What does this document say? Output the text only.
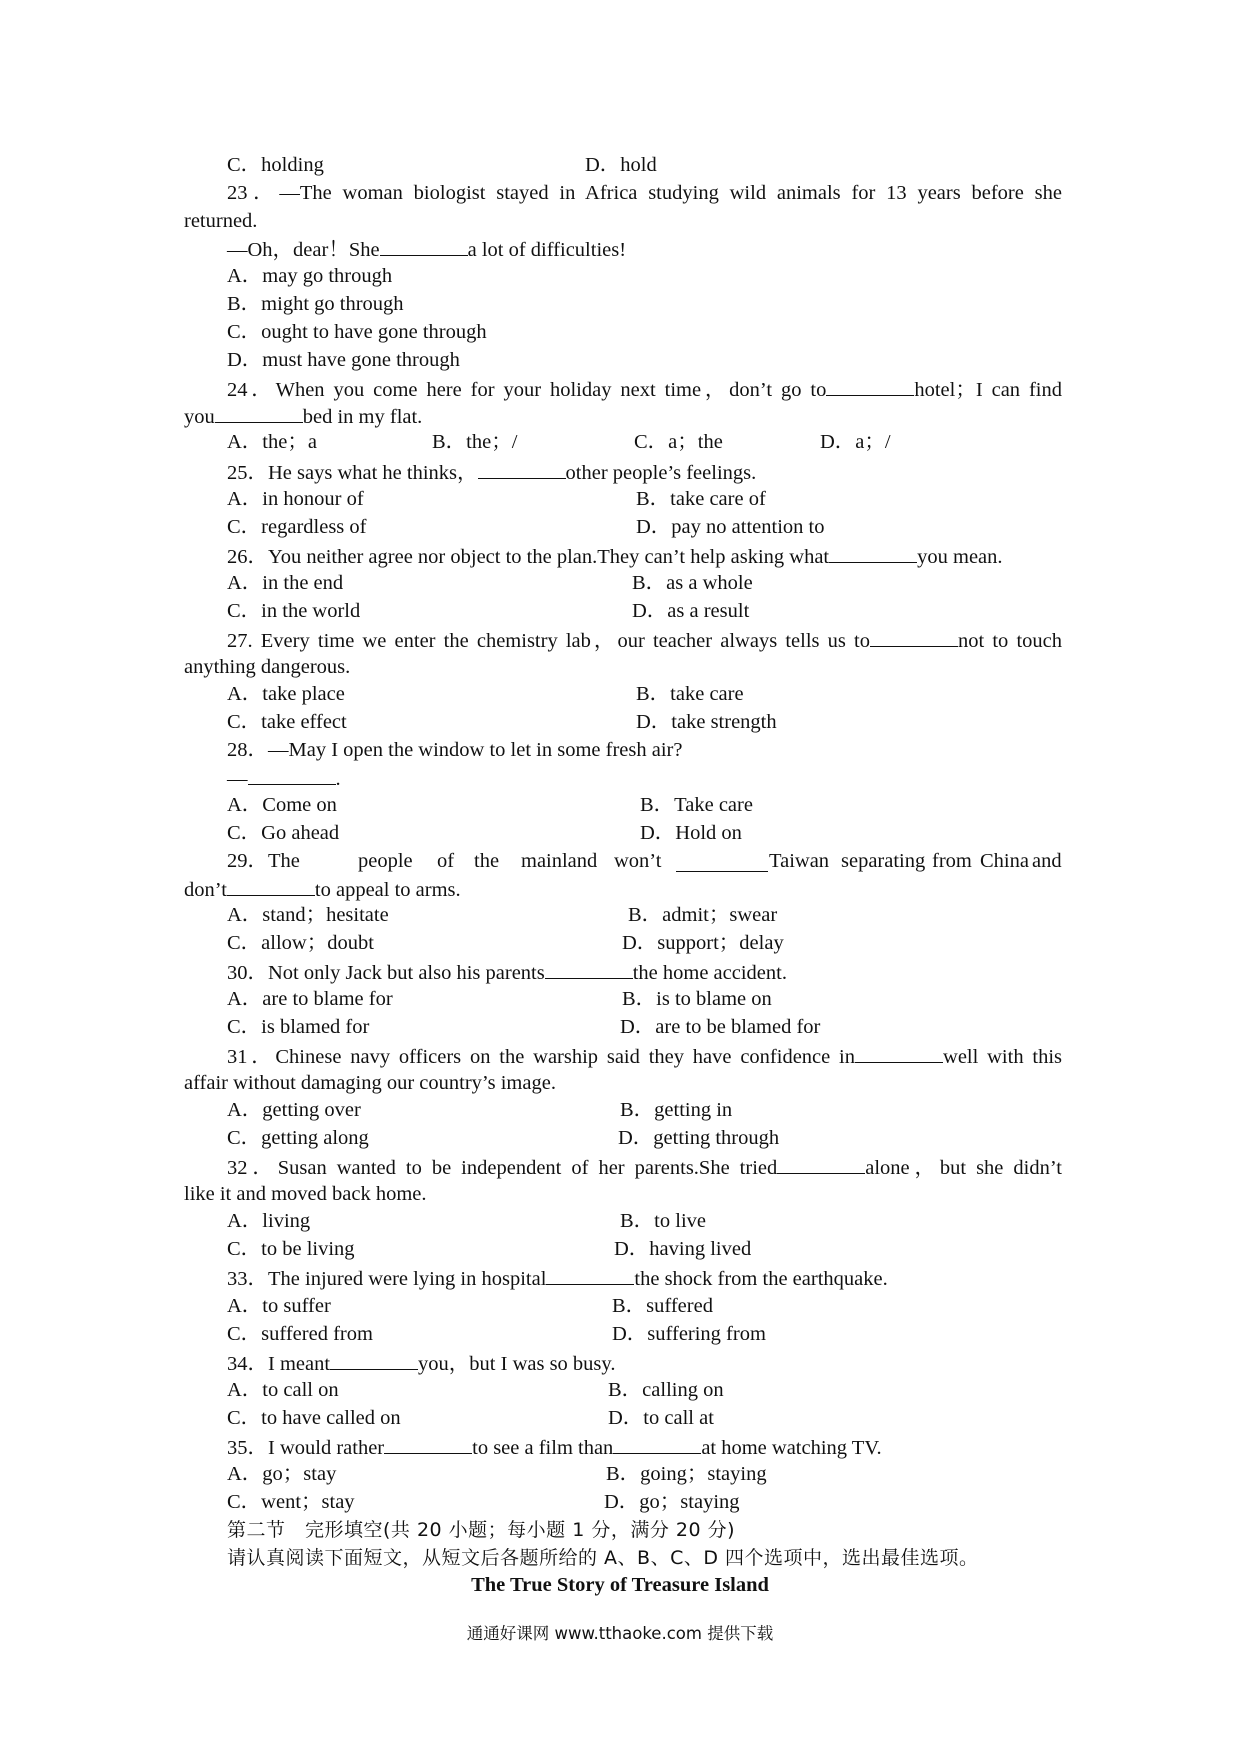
C．holding	D．hold
23．—The woman biologist stayed in Africa studying wild animals for 13 years before she
returned.
—Oh，dear！She	a lot of difficulties!
A．may go through
B．might go through
C．ought to have gone through
D．must have gone through
24．When you come here for your holiday next time，don’t go to	hotel；I can find
you	bed in my flat.
A．the；a	B．the；/	C．a；the	D．a；/
25．He says what he thinks，	other people’s feelings.
A．in honour of	B．take care of
C．regardless of	D．pay no attention to
26．You neither agree nor object to the plan.They can’t help asking what	you mean.
A．in the end	B．as a whole
C．in the world	D．as a result
27. Every time we enter the chemistry lab，our teacher always tells us to	not to touch
anything dangerous.
A．take place	B．take care
C．take effect	D．take strength
28．—May I open the window to let in some fresh air?
—	.
A．Come on	B．Take care
C．Go ahead	D．Hold on
29．The	people of the mainland won’t	Taiwan separating from China and
don’t	to appeal to arms.
A．stand；hesitate	B．admit；swear
C．allow；doubt	D．support；delay
30．Not only Jack but also his parents	the home accident.
A．are to blame for	B．is to blame on
C．is blamed for	D．are to be blamed for
31．Chinese navy officers on the warship said they have confidence in	well with this
affair without damaging our country’s image.
A．getting over	B．getting in
C．getting along	D．getting through
32．Susan wanted to be independent of her parents.She tried	alone，but she didn’t
like it and moved back home.
A．living	B．to live
C．to be living	D．having lived
33．The injured were lying in hospital	the shock from the earthquake.
A．to suffer	B．suffered
C．suffered from	D．suffering from
34．I meant	you，but I was so busy.
A．to call on	B．calling on
C．to have called on	D．to call at
35．I would rather	to see a film than	at home watching TV.
A．go；stay	B．going；staying
C．went；stay	D．go；staying
第二节　完形填空(共 20 小题；每小题 1 分，满分 20 分)
请认真阅读下面短文，从短文后各题所给的 A、B、C、D 四个选项中，选出最佳选项。
The True Story of Treasure Island
通通好课网 www.tthaoke.com 提供下载
